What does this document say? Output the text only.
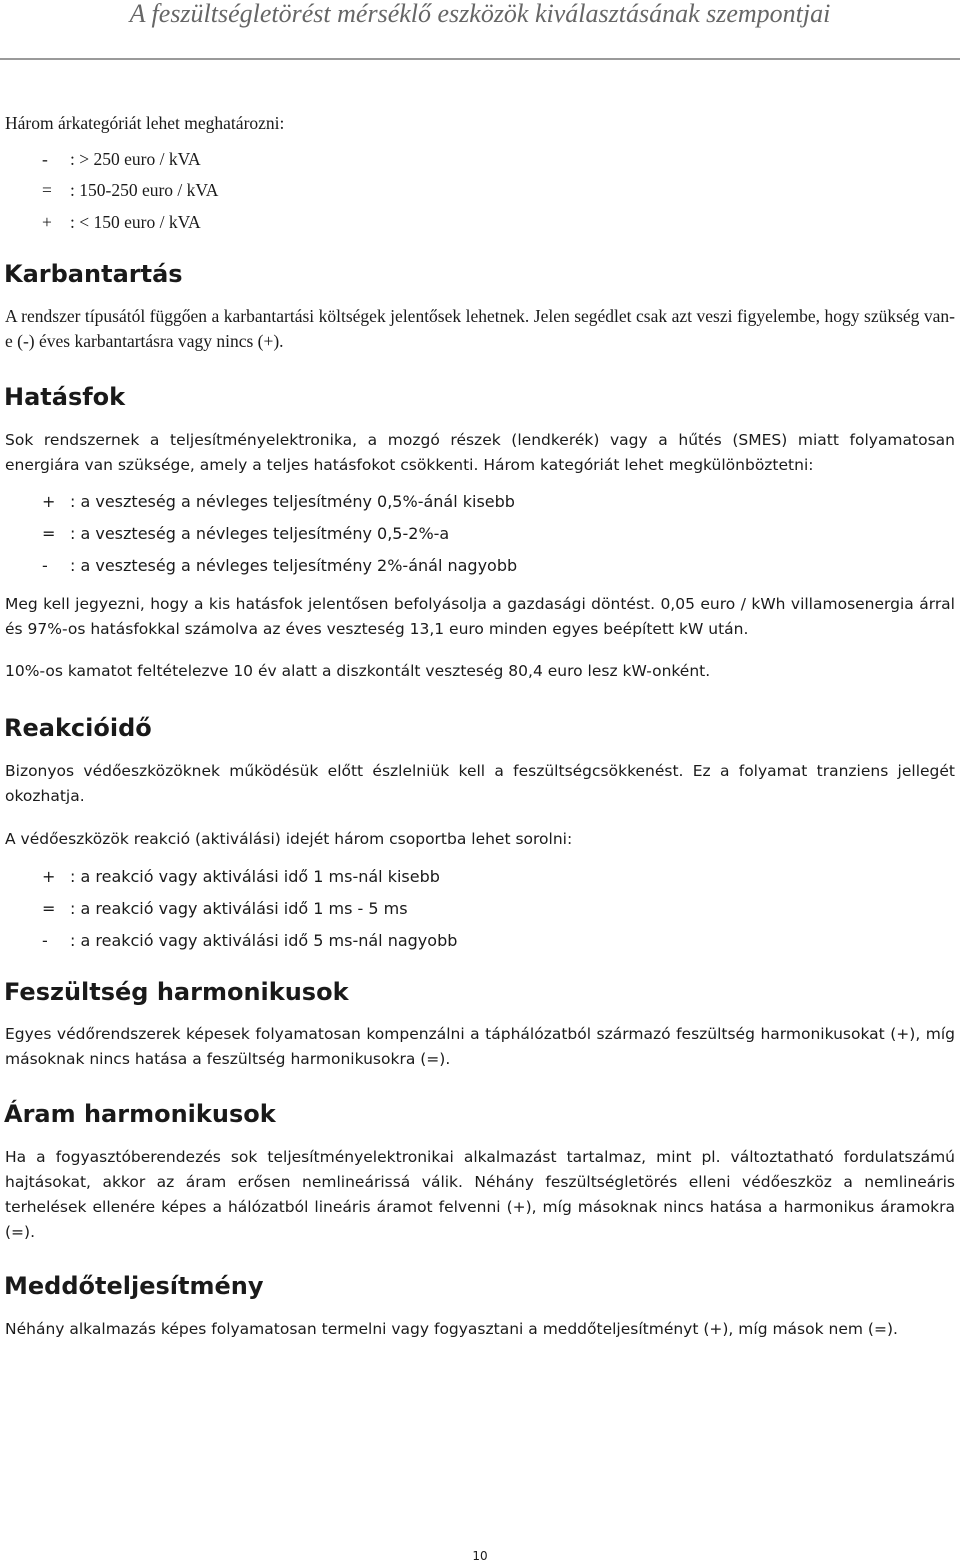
A feszültségletörést mérséklő eszközök kiválasztásának szempontjai

Három árkategóriát lehet meghatározni:

- : > 250 euro / kVA
= : 150-250 euro / kVA
+ : < 150 euro / kVA
Karbantartás

A rendszer típusától függően a karbantartási költségek jelentősek lehetnek. Jelen segédlet csak azt veszi figyelembe, hogy szükség van-e (-) éves karbantartásra vagy nincs (+).

Hatásfok

Sok rendszernek a teljesítményelektronika, a mozgó részek (lendkerék) vagy a hűtés (SMES) miatt folyamatosan energiára van szüksége, amely a teljes hatásfokot csökkenti. Három kategóriát lehet megkülönböztetni:

+ : a veszteség a névleges teljesítmény 0,5%-ánál kisebb
= : a veszteség a névleges teljesítmény 0,5-2%-a
- : a veszteség a névleges teljesítmény 2%-ánál nagyobb

Meg kell jegyezni, hogy a kis hatásfok jelentősen befolyásolja a gazdasági döntést. 0,05 euro / kWh villamosenergia árral és 97%-os hatásfokkal számolva az éves veszteség 13,1 euro minden egyes beépített kW után.

10%-os kamatot feltételezve 10 év alatt a diszkontált veszteség 80,4 euro lesz kW-onként.

Reakcióidő

Bizonyos védőeszközöknek működésük előtt észlelniük kell a feszültségcsökkenést. Ez a folyamat tranziens jellegét okozhatja.

A védőeszközök reakció (aktiválási) idejét három csoportba lehet sorolni:

+ : a reakció vagy aktiválási idő 1 ms-nál kisebb
= : a reakció vagy aktiválási idő 1 ms - 5 ms
- : a reakció vagy aktiválási idő 5 ms-nál nagyobb
Feszültség harmonikusok

Egyes védőrendszerek képesek folyamatosan kompenzálni a táphálózatból származó feszültség harmonikusokat (+), míg másoknak nincs hatása a feszültség harmonikusokra (=).

Áram harmonikusok

Ha a fogyasztóberendezés sok teljesítményelektronikai alkalmazást tartalmaz, mint pl. változtatható fordulatszámú hajtásokat, akkor az áram erősen nemlineárissá válik. Néhány feszültségletörés elleni védőeszköz a nemlineáris terhelések ellenére képes a hálózatból lineáris áramot felvenni (+), míg másoknak nincs hatása a harmonikus áramokra (=).

Meddőteljesítmény

Néhány alkalmazás képes folyamatosan termelni vagy fogyasztani a meddőteljesítményt (+), míg mások nem (=).

10
